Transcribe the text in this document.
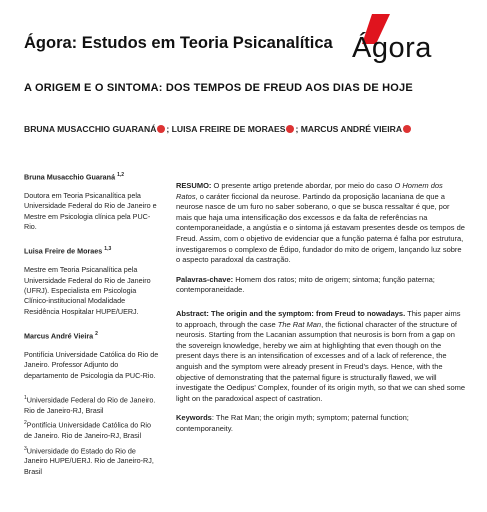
Ágora: Estudos em Teoria Psicanalítica Ágora
A ORIGEM E O SINTOMA: DOS TEMPOS DE FREUD AOS DIAS DE HOJE
BRUNA MUSACCHIO GUARANÁ ; LUISA FREIRE DE MORAES ; MARCUS ANDRÉ VIEIRA
Bruna Musacchio Guaraná $^{1,2}$
Doutora em Teoria Psicanalítica pela Universidade Federal do Rio de Janeiro e Mestre em Psicologia clínica pela PUC-Rio.
Luisa Freire de Moraes $^{1,3}$
Mestre em Teoria Psicanalítica pela Universidade Federal do Rio de Janeiro (UFRJ). Especialista em Psicologia Clínico-institucional Modalidade Residência Hospitalar HUPE/UERJ.
Marcus André Vieira $^2$
Pontifícia Universidade Católica do Rio de Janeiro. Professor Adjunto do departamento de Psicologia da PUC-Rio.
$^1$Universidade Federal do Rio de Janeiro. Rio de Janeiro-RJ, Brasil
$^2$Pontifícia Universidade Católica do Rio de Janeiro. Rio de Janeiro-RJ, Brasil
$^3$Universidade do Estado do Rio de Janeiro HUPE/UERJ. Rio de Janeiro-RJ, Brasil

RESUMO: O presente artigo pretende abordar, por meio do caso O Homem dos Ratos, o caráter ficcional da neurose. Partindo da proposição lacaniana de que a neurose nasce de um furo no saber soberano, o que se busca ressaltar é que, por mais que haja uma intensificação dos excessos e da falta de referências na contemporaneidade, a angústia e o sintoma já estavam presentes desde os tempos de Freud. Assim, com o objetivo de evidenciar que a função paterna é falha por estrutura, investigaremos o complexo de Édipo, fundador do mito de origem, lançando luz sobre o aspecto paradoxal da castração.

Palavras-chave: Homem dos ratos; mito de origem; sintoma; função paterna; contemporaneidade.

Abstract: The origin and the symptom: from Freud to nowadays. This paper aims to approach, through the case The Rat Man, the fictional character of the structure of neurosis. Starting from the Lacanian assumption that neurosis is born from a gap on the sovereign knowledge, hereby we aim at highlighting that even though on the present days there is an intensification of excesses and of a lack of reference, the anguish and the symptom were already present in Freud's days. Hence, with the objective of demonstrating that the paternal figure is structurally flawed, we will investigate the Oedipus' Complex, founder of its origin myth, so that we can shed some light on the paradoxical aspect of castration.

Keywords: The Rat Man; the origin myth; symptom; paternal function; contemporaneity.
